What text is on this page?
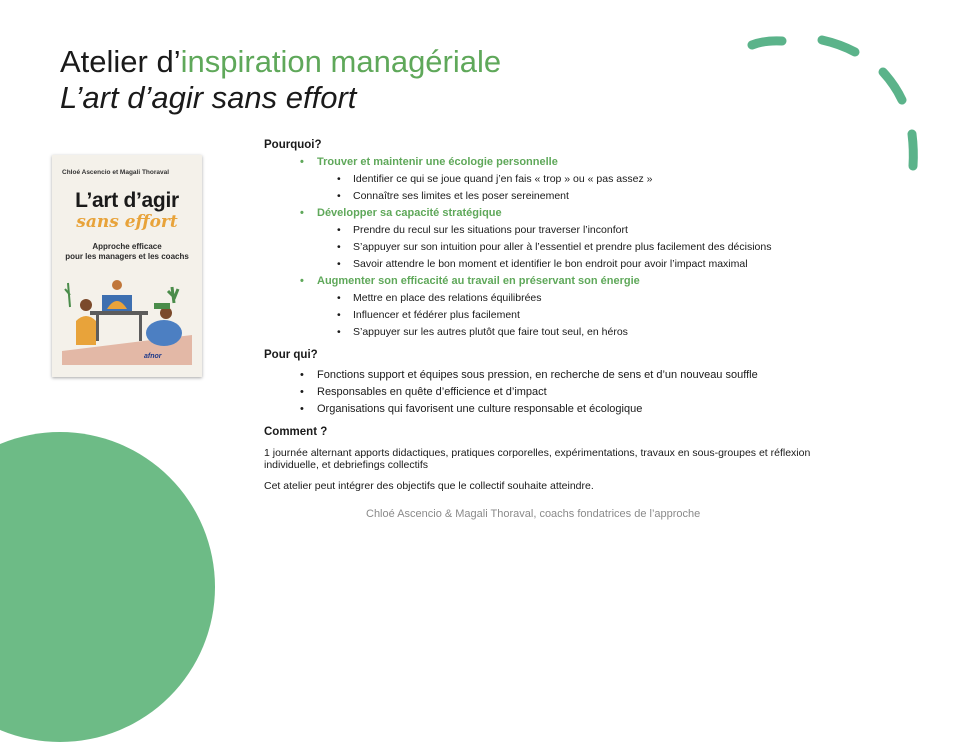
Atelier d’inspiration managériale
L’art d’agir sans effort
Chloé Ascencio et Magali Thoraval
L’art d’agir
sans effort
Approche efficace
pour les managers et les coachs
afnor
Pourquoi?
• Trouver et maintenir une écologie personnelle
• Identifier ce qui se joue quand j’en fais « trop » ou « pas assez »
• Connaître ses limites et les poser sereinement
• Développer sa capacité stratégique
• Prendre du recul sur les situations pour traverser l’inconfort
• S’appuyer sur son intuition pour aller à l’essentiel et prendre plus facilement des décisions
• Savoir attendre le bon moment et identifier le bon endroit pour avoir l’impact maximal
• Augmenter son efficacité au travail en préservant son énergie
• Mettre en place des relations équilibrées
• Influencer et fédérer plus facilement
• S’appuyer sur les autres plutôt que faire tout seul, en héros
Pour qui?
• Fonctions support et équipes sous pression, en recherche de sens et d’un nouveau souffle
• Responsables en quête d’efficience et d’impact
• Organisations qui favorisent une culture responsable et écologique
Comment ?
1 journée alternant apports didactiques, pratiques corporelles, expérimentations, travaux en sous-groupes et réflexion individuelle, et debriefings collectifs
Cet atelier peut intégrer des objectifs que le collectif souhaite atteindre.
Chloé Ascencio & Magali Thoraval, coachs fondatrices de l’approche
